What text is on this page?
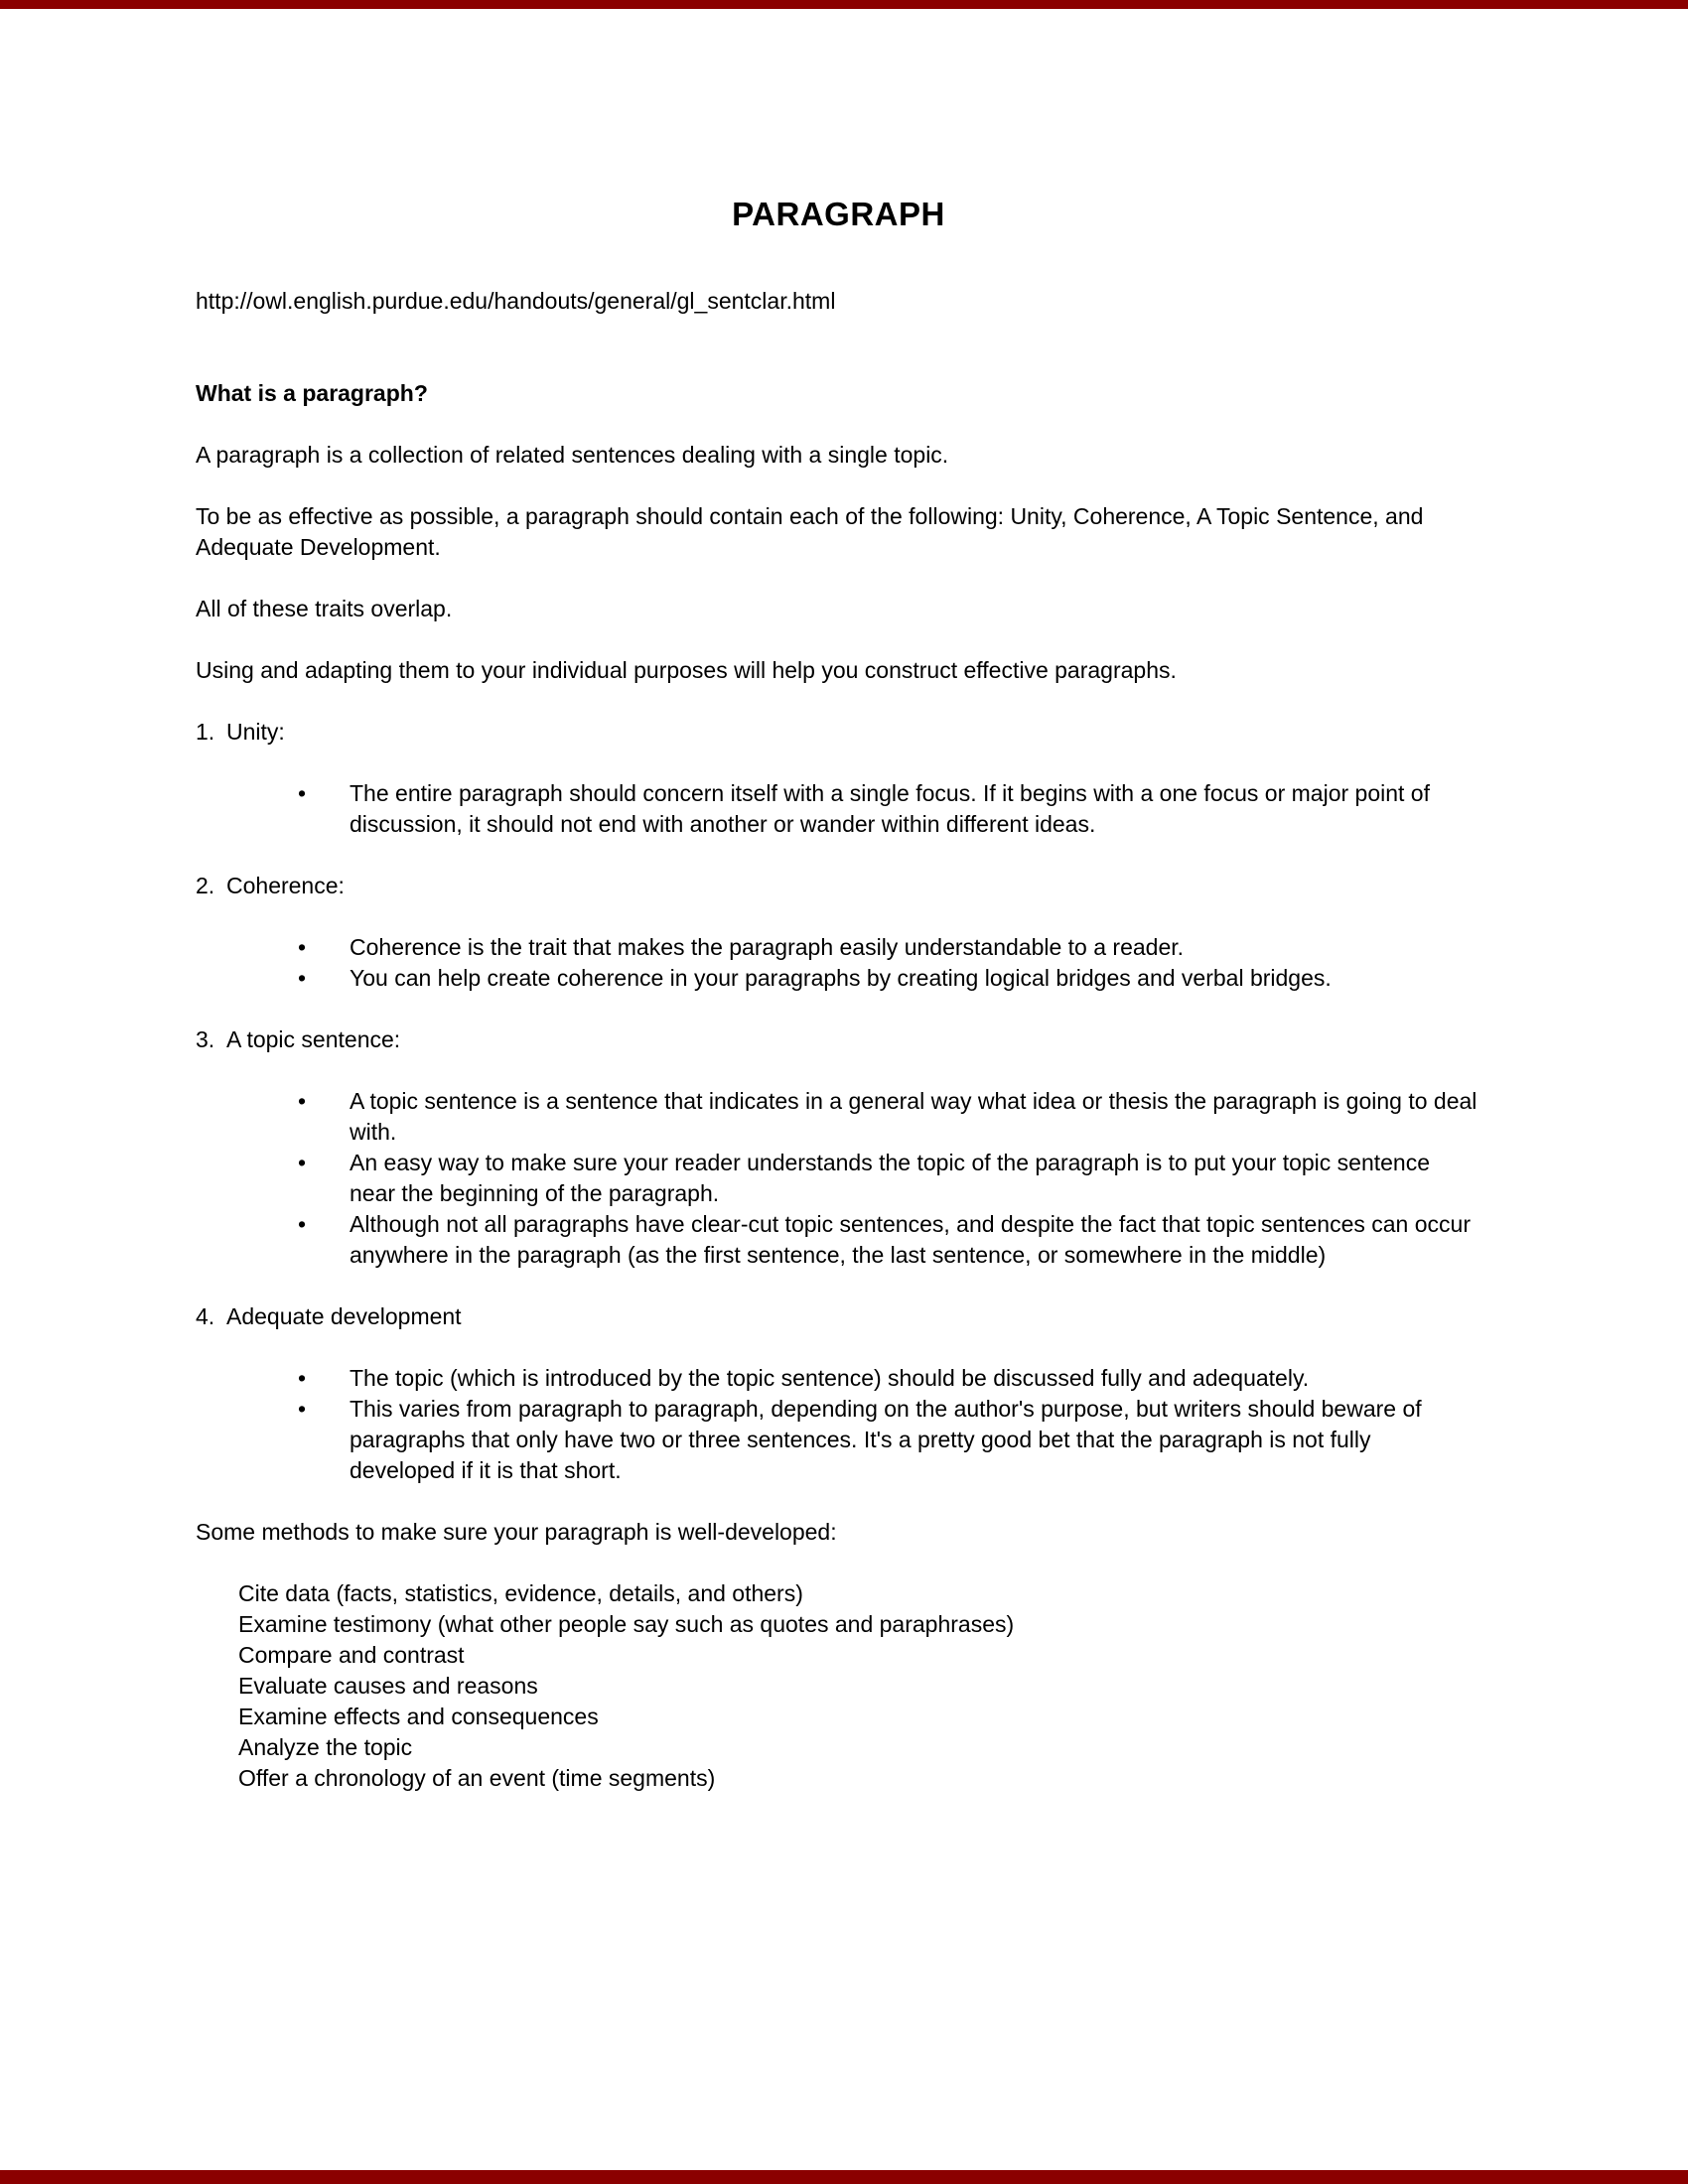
PARAGRAPH

http://owl.english.purdue.edu/handouts/general/gl_sentclar.html

What is a paragraph?

A paragraph is a collection of related sentences dealing with a single topic.

To be as effective as possible, a paragraph should contain each of the following: Unity, Coherence, A Topic Sentence, and Adequate Development.

All of these traits overlap.

Using and adapting them to your individual purposes will help you construct effective paragraphs.

1. Unity:

•	The entire paragraph should concern itself with a single focus. If it begins with a one focus or major point of discussion, it should not end with another or wander within different ideas.

2. Coherence:

•	Coherence is the trait that makes the paragraph easily understandable to a reader.
•	You can help create coherence in your paragraphs by creating logical bridges and verbal bridges.

3. A topic sentence:

•	A topic sentence is a sentence that indicates in a general way what idea or thesis the paragraph is going to deal with.
•	An easy way to make sure your reader understands the topic of the paragraph is to put your topic sentence near the beginning of the paragraph.
•	Although not all paragraphs have clear-cut topic sentences, and despite the fact that topic sentences can occur anywhere in the paragraph (as the first sentence, the last sentence, or somewhere in the middle)

4. Adequate development

•	The topic (which is introduced by the topic sentence) should be discussed fully and adequately.
•	This varies from paragraph to paragraph, depending on the author's purpose, but writers should beware of paragraphs that only have two or three sentences. It's a pretty good bet that the paragraph is not fully developed if it is that short.

Some methods to make sure your paragraph is well-developed:

Cite data (facts, statistics, evidence, details, and others)
Examine testimony (what other people say such as quotes and paraphrases)
Compare and contrast
Evaluate causes and reasons
Examine effects and consequences
Analyze the topic
Offer a chronology of an event (time segments)
